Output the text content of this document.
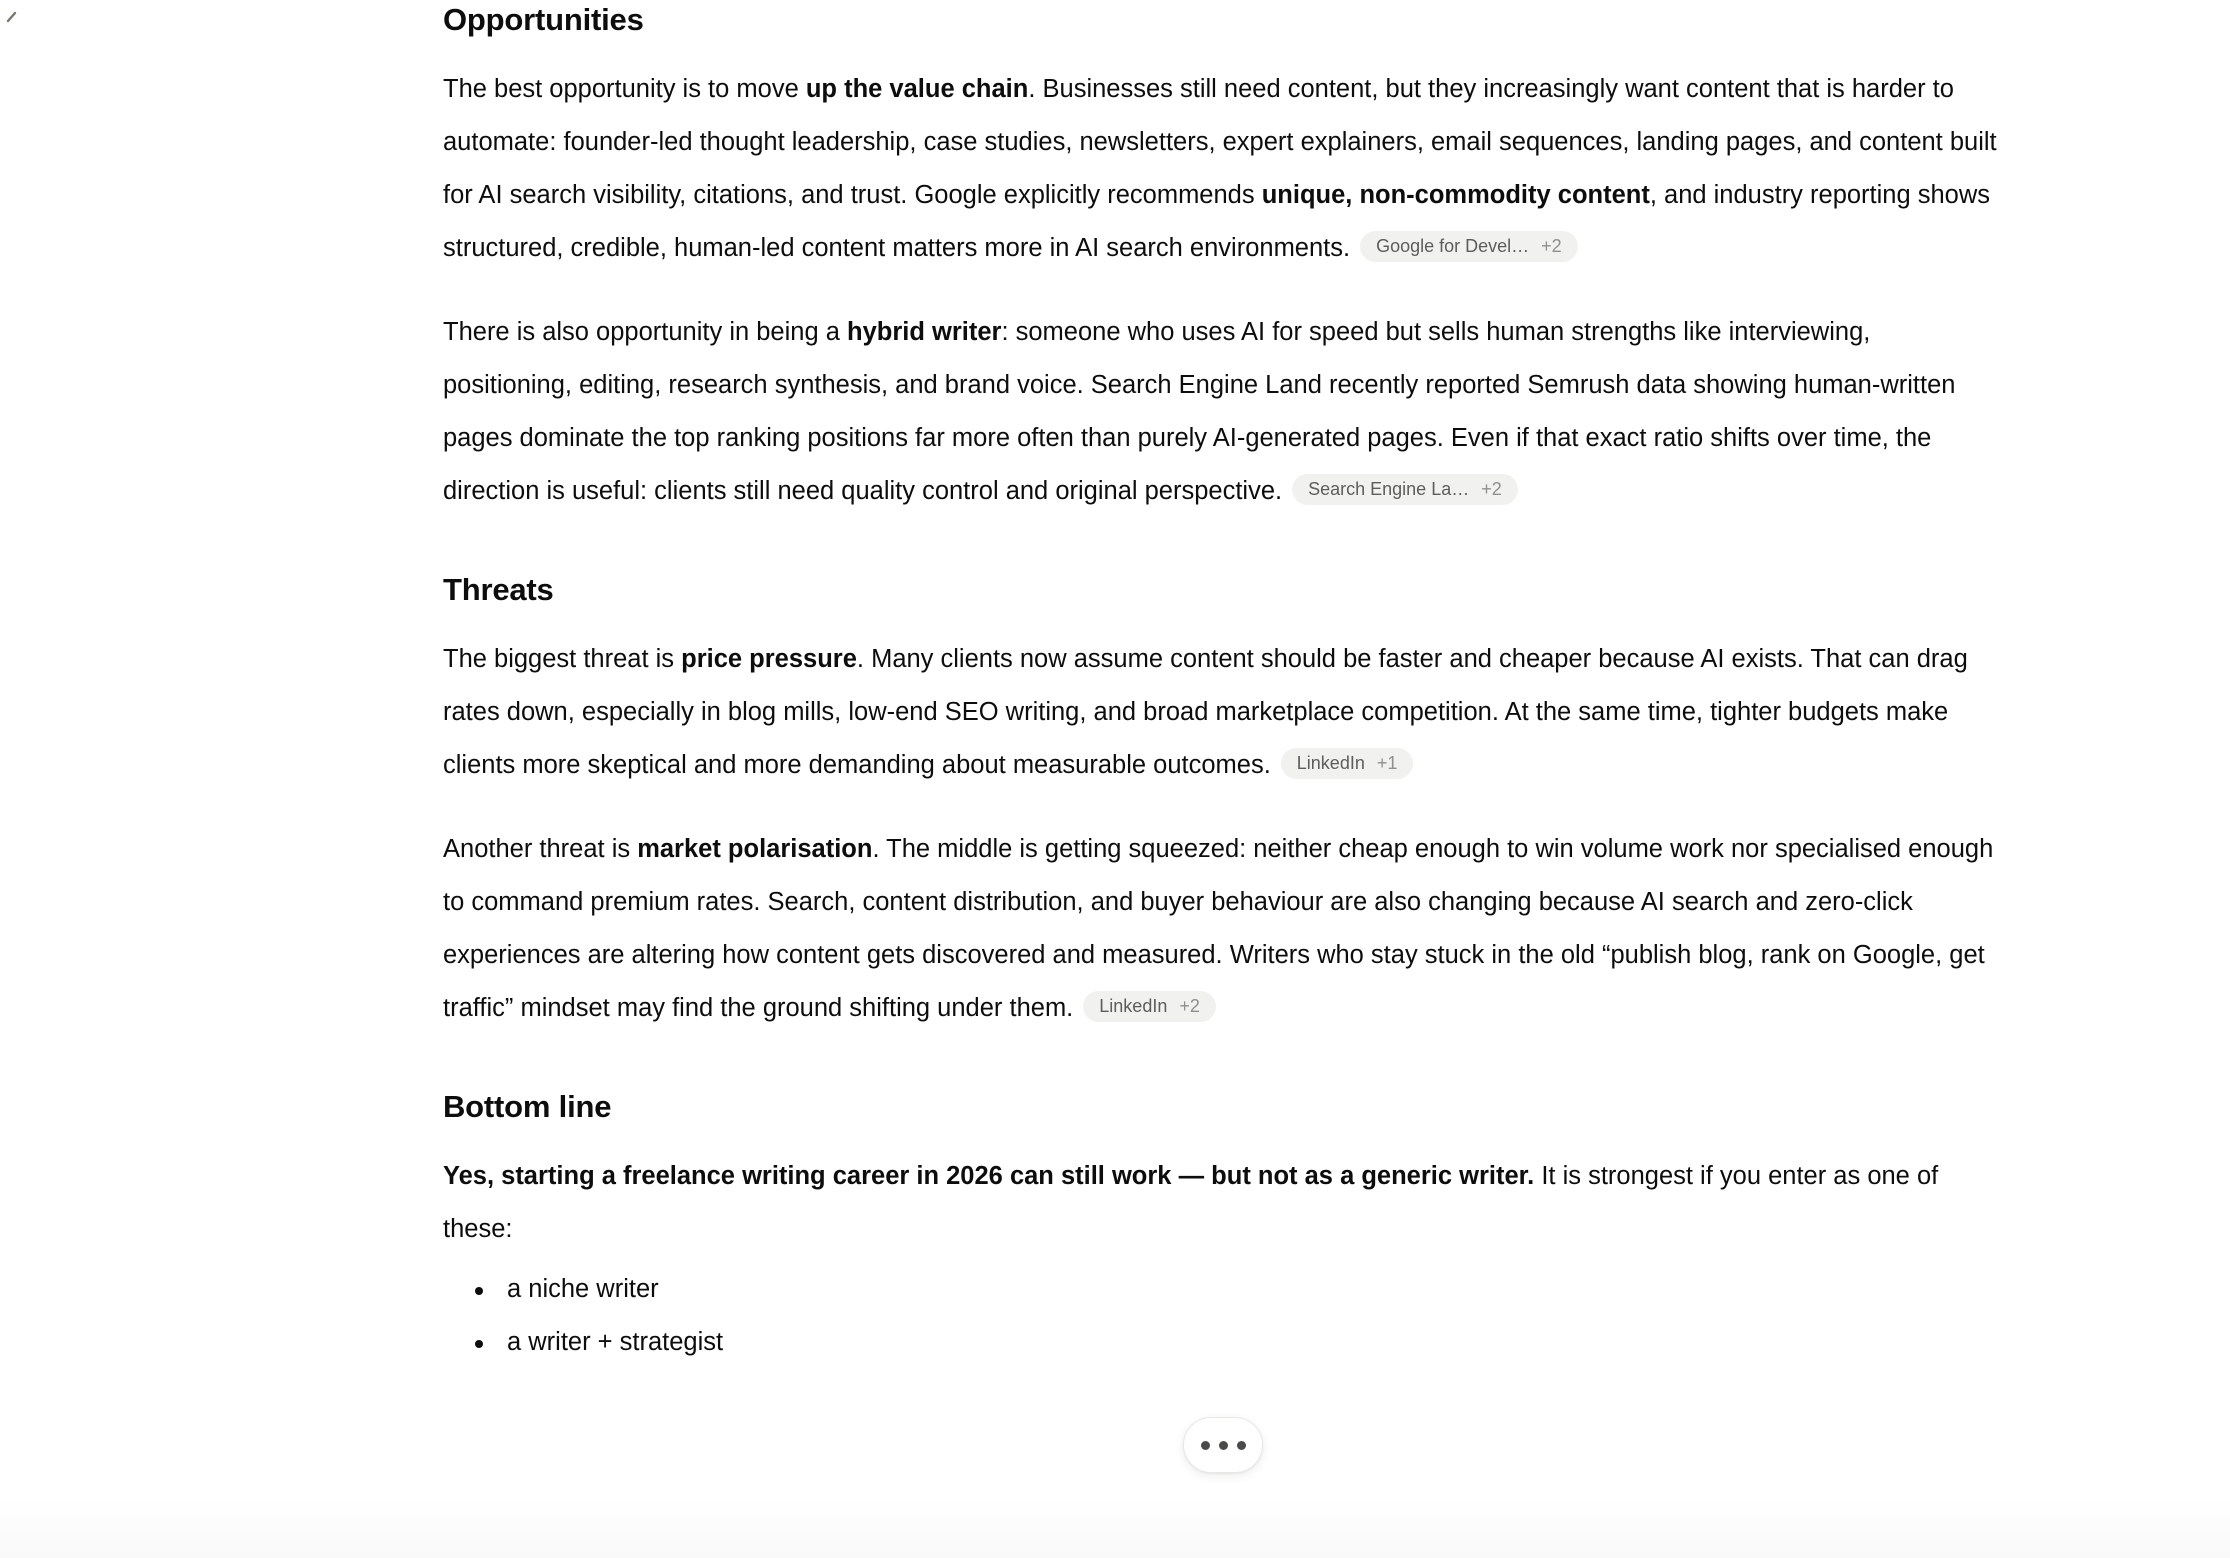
Opportunities

The best opportunity is to move up the value chain. Businesses still need content, but they increasingly want content that is harder to automate: founder-led thought leadership, case studies, newsletters, expert explainers, email sequences, landing pages, and content built for AI search visibility, citations, and trust. Google explicitly recommends unique, non-commodity content, and industry reporting shows structured, credible, human-led content matters more in AI search environments. Google for Devel… +2

There is also opportunity in being a hybrid writer: someone who uses AI for speed but sells human strengths like interviewing, positioning, editing, research synthesis, and brand voice. Search Engine Land recently reported Semrush data showing human-written pages dominate the top ranking positions far more often than purely AI-generated pages. Even if that exact ratio shifts over time, the direction is useful: clients still need quality control and original perspective. Search Engine La… +2

Threats

The biggest threat is price pressure. Many clients now assume content should be faster and cheaper because AI exists. That can drag rates down, especially in blog mills, low-end SEO writing, and broad marketplace competition. At the same time, tighter budgets make clients more skeptical and more demanding about measurable outcomes. LinkedIn +1

Another threat is market polarisation. The middle is getting squeezed: neither cheap enough to win volume work nor specialised enough to command premium rates. Search, content distribution, and buyer behaviour are also changing because AI search and zero-click experiences are altering how content gets discovered and measured. Writers who stay stuck in the old “publish blog, rank on Google, get traffic” mindset may find the ground shifting under them. LinkedIn +2

Bottom line

Yes, starting a freelance writing career in 2026 can still work — but not as a generic writer. It is strongest if you enter as one of these:

a niche writer
a writer + strategist
